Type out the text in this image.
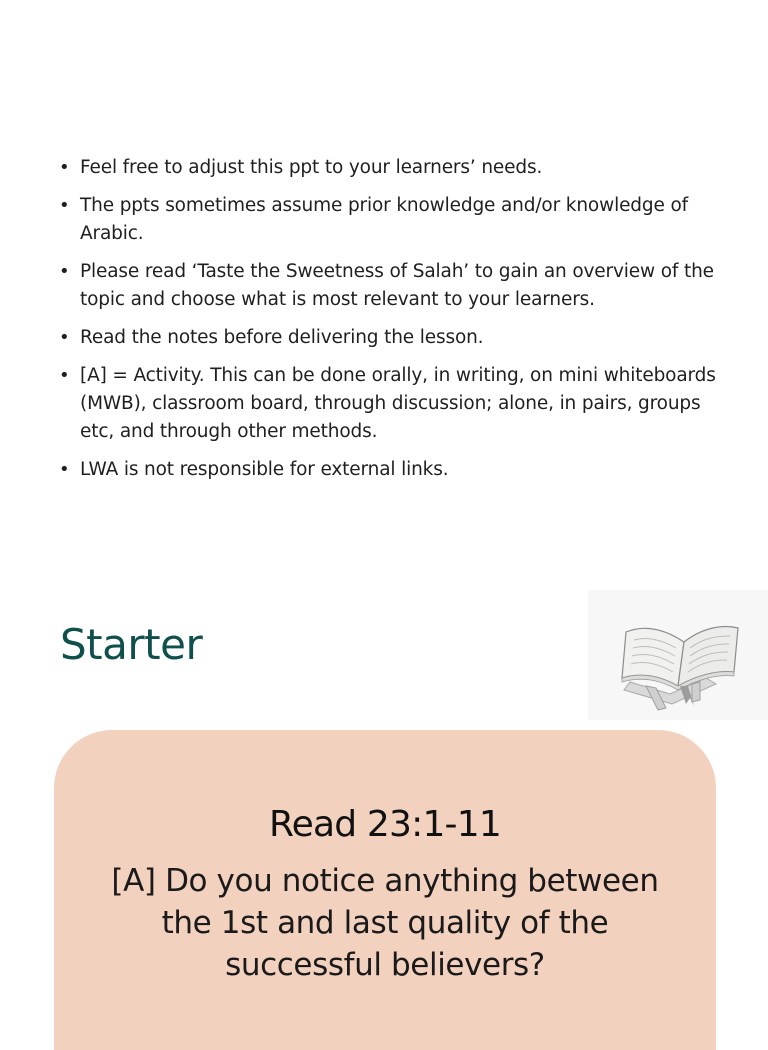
• Feel free to adjust this ppt to your learners’ needs.
• The ppts sometimes assume prior knowledge and/or knowledge of Arabic.
• Please read ‘Taste the Sweetness of Salah’ to gain an overview of the topic and choose what is most relevant to your learners.
• Read the notes before delivering the lesson.
• [A] = Activity. This can be done orally, in writing, on mini whiteboards (MWB), classroom board, through discussion; alone, in pairs, groups etc, and through other methods.
• LWA is not responsible for external links.
Starter
Read 23:1-11

[A] Do you notice anything between the 1st and last quality of the successful believers?
